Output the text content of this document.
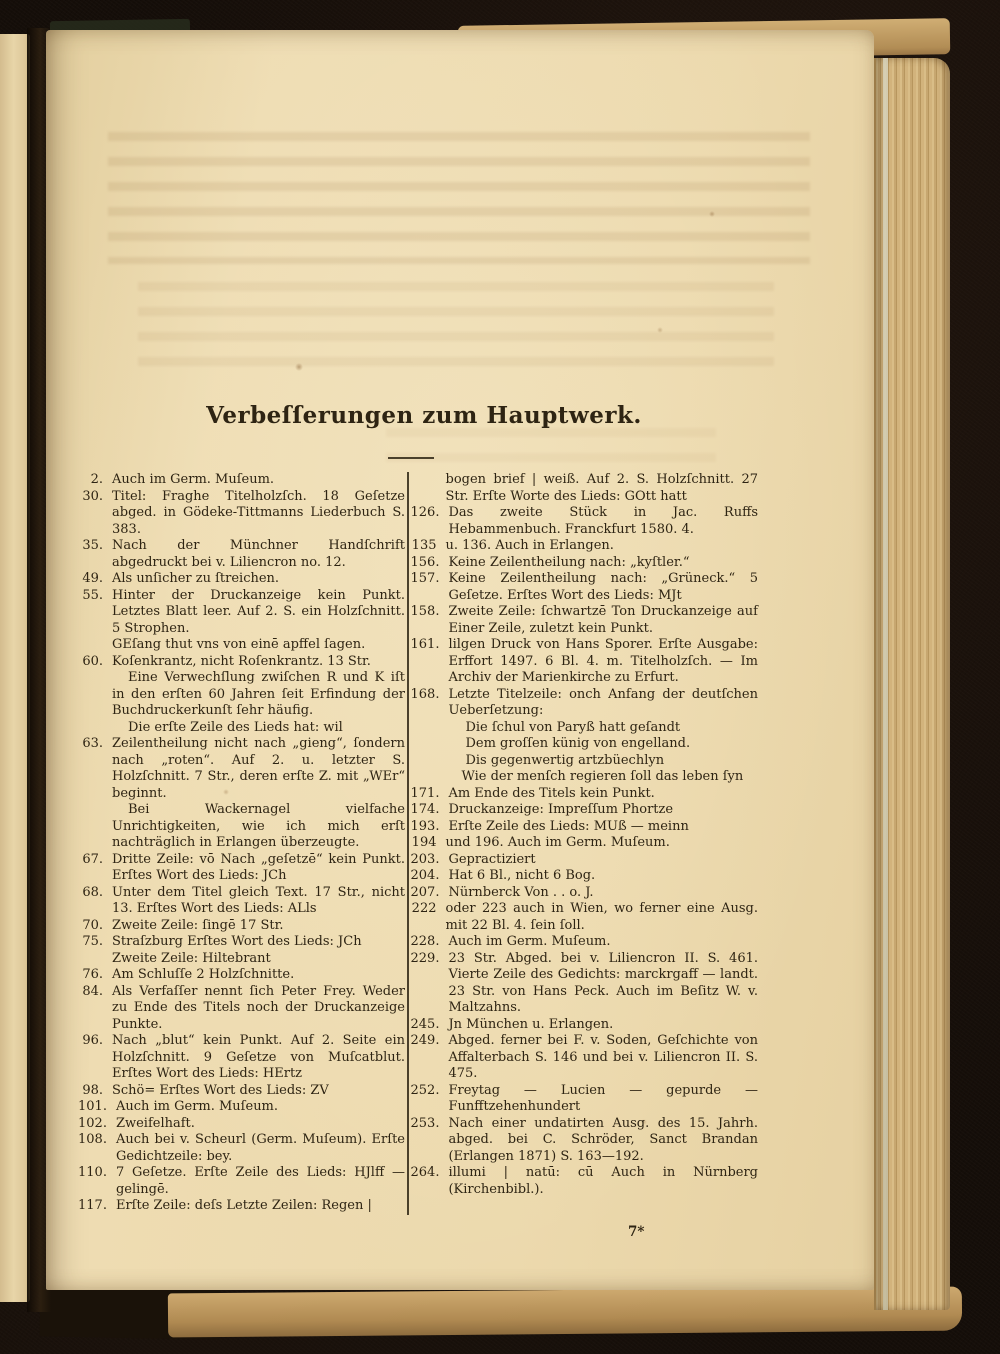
Verbeſſerungen zum Hauptwerk.
2. Auch im Germ. Muſeum.
30. Titel: Fraghe Titelholzſch. 18 Geſetze abged. in Gödeke-Tittmanns Liederbuch S. 383.
35. Nach der Münchner Handſchrift abgedruckt bei v. Liliencron no. 12.
49. Als unſicher zu ſtreichen.
55. Hinter der Druckanzeige kein Punkt. Letztes Blatt leer. Auf 2. S. ein Holzſchnitt. 5 Strophen.
GEſang thut vns von einē apffel ſagen.
60. Koſenkrantz, nicht Roſenkrantz. 13 Str.
Eine Verwechſlung zwiſchen R und K iſt in den erſten 60 Jahren ſeit Erfindung der Buchdruckerkunſt ſehr häufig.
Die erſte Zeile des Lieds hat: wil
63. Zeilentheilung nicht nach „gieng“, ſondern nach „roten“. Auf 2. u. letzter S. Holzſchnitt. 7 Str., deren erſte Z. mit „WEr“ beginnt.
Bei Wackernagel vielfache Unrichtigkeiten, wie ich mich erſt nachträglich in Erlangen überzeugte.
67. Dritte Zeile: vō Nach „geſetzē“ kein Punkt. Erſtes Wort des Lieds: JCh
68. Unter dem Titel gleich Text. 17 Str., nicht 13. Erſtes Wort des Lieds: ALls
70. Zweite Zeile: ſingē 17 Str.
75. Straſzburg Erſtes Wort des Lieds: JCh
Zweite Zeile: Hiltebrant
76. Am Schluſſe 2 Holzſchnitte.
84. Als Verfaſſer nennt ſich Peter Frey. Weder zu Ende des Titels noch der Druckanzeige Punkte.
96. Nach „blut“ kein Punkt. Auf 2. Seite ein Holzſchnitt. 9 Geſetze von Muſcatblut. Erſtes Wort des Lieds: HErtz
98. Schö= Erſtes Wort des Lieds: ZV
101. Auch im Germ. Muſeum.
102. Zweifelhaft.
108. Auch bei v. Scheurl (Germ. Muſeum). Erſte Gedichtzeile: bey.
110. 7 Geſetze. Erſte Zeile des Lieds: HJlff — gelingē.
117. Erſte Zeile: deſs Letzte Zeilen: Regen |
bogen brief | weiß. Auf 2. S. Holzſchnitt. 27 Str. Erſte Worte des Lieds: GOtt hatt
126. Das zweite Stück in Jac. Ruffs Hebammenbuch. Franckfurt 1580. 4.
135 u. 136. Auch in Erlangen.
156. Keine Zeilentheilung nach: „kyſtler.“
157. Keine Zeilentheilung nach: „Grüneck.“ 5 Geſetze. Erſtes Wort des Lieds: MJt
158. Zweite Zeile: ſchwartzē Ton Druckanzeige auf Einer Zeile, zuletzt kein Punkt.
161. lilgen Druck von Hans Sporer. Erſte Ausgabe: Erffort 1497. 6 Bl. 4. m. Titelholzſch. — Im Archiv der Marienkirche zu Erfurt.
168. Letzte Titelzeile: onch Anfang der deutſchen Ueberſetzung:
Die ſchul von Paryß hatt geſandt
Dem groſſen künig von engelland.
Dis gegenwertig artzbüechlyn
Wie der menſch regieren ſoll das leben ſyn
171. Am Ende des Titels kein Punkt.
174. Druckanzeige: Impreſſum Phortze
193. Erſte Zeile des Lieds: MUß — meinn
194 und 196. Auch im Germ. Muſeum.
203. Gepractiziert
204. Hat 6 Bl., nicht 6 Bog.
207. Nürnberck Von . . o. J.
222 oder 223 auch in Wien, wo ferner eine Ausg. mit 22 Bl. 4. ſein ſoll.
228. Auch im Germ. Muſeum.
229. 23 Str. Abged. bei v. Liliencron II. S. 461. Vierte Zeile des Gedichts: marckrgaff — landt. 23 Str. von Hans Peck. Auch im Beſitz W. v. Maltzahns.
245. Jn München u. Erlangen.
249. Abged. ferner bei F. v. Soden, Geſchichte von Affalterbach S. 146 und bei v. Liliencron II. S. 475.
252. Freytag — Lucien — gepurde — Funfftzehenhundert
253. Nach einer undatirten Ausg. des 15. Jahrh. abged. bei C. Schröder, Sanct Brandan (Erlangen 1871) S. 163—192.
264. illumi | natū: cū Auch in Nürnberg (Kirchenbibl.).
7*
